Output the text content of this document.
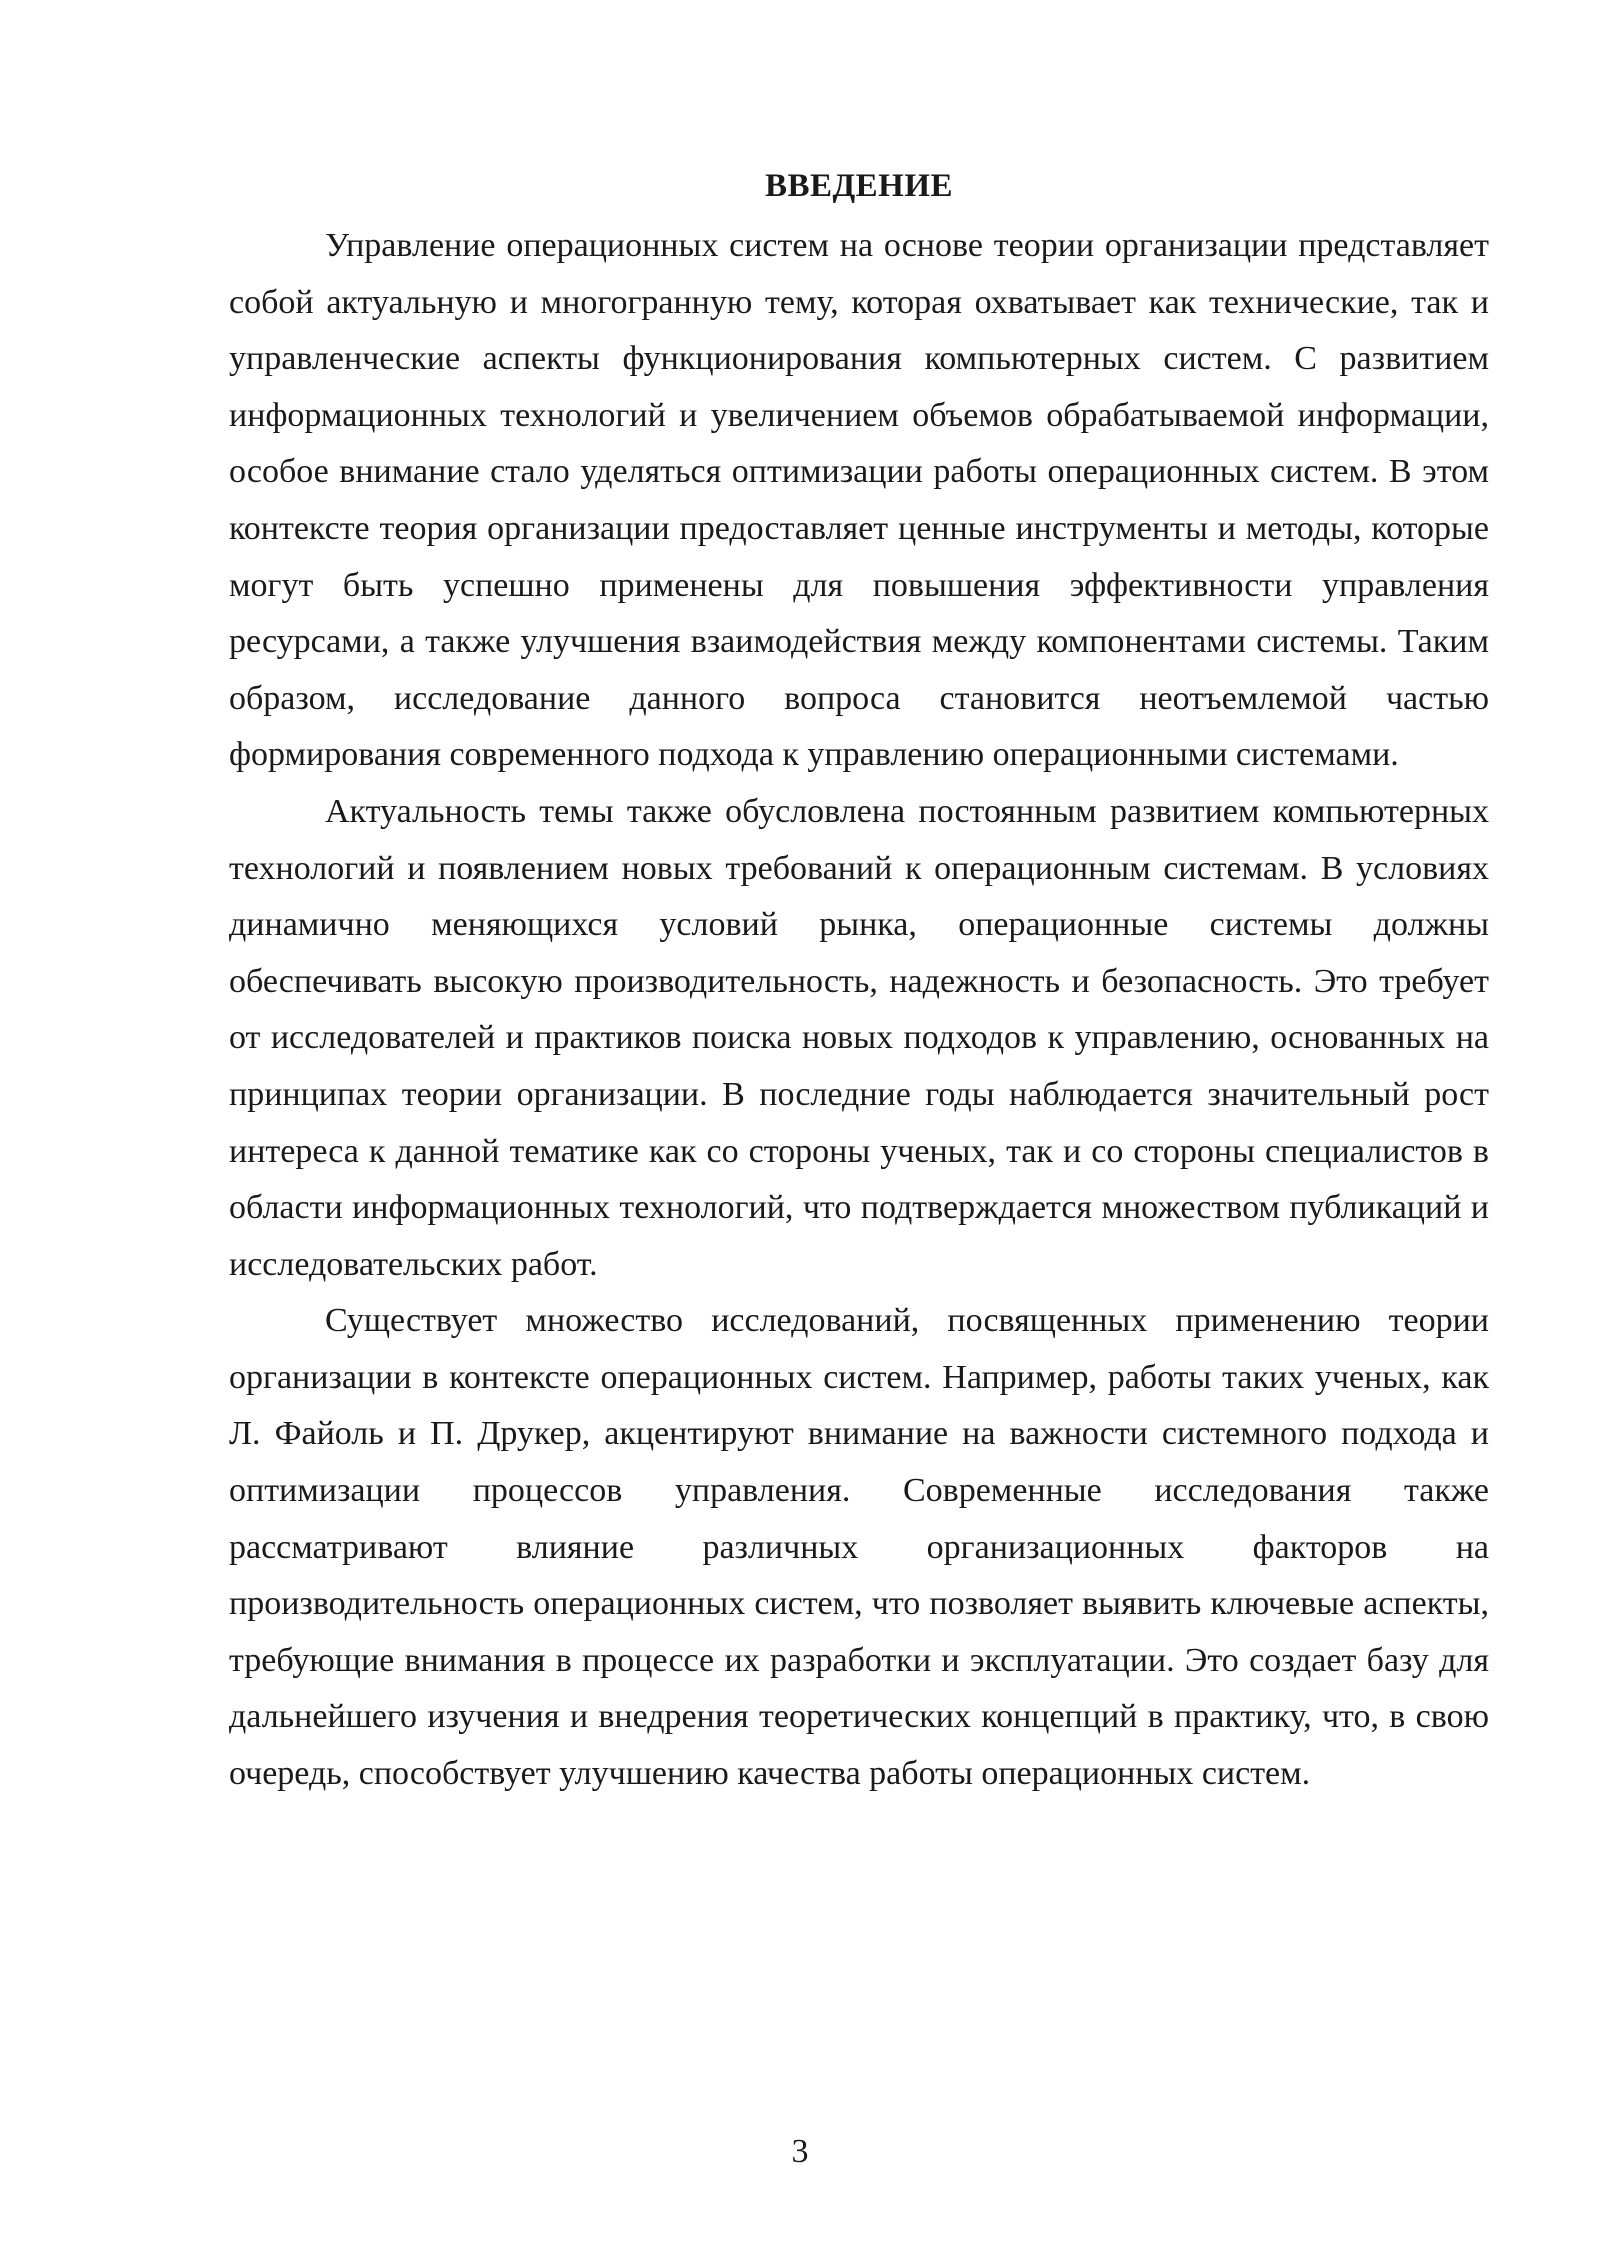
ВВЕДЕНИЕ

Управление операционных систем на основе теории организации представляет собой актуальную и многогранную тему, которая охватывает как технические, так и управленческие аспекты функционирования компьютерных систем. С развитием информационных технологий и увеличением объемов обрабатываемой информации, особое внимание стало уделяться оптимизации работы операционных систем. В этом контексте теория организации предоставляет ценные инструменты и методы, которые могут быть успешно применены для повышения эффективности управления ресурсами, а также улучшения взаимодействия между компонентами системы. Таким образом, исследование данного вопроса становится неотъемлемой частью формирования современного подхода к управлению операционными системами.

Актуальность темы также обусловлена постоянным развитием компьютерных технологий и появлением новых требований к операционным системам. В условиях динамично меняющихся условий рынка, операционные системы должны обеспечивать высокую производительность, надежность и безопасность. Это требует от исследователей и практиков поиска новых подходов к управлению, основанных на принципах теории организации. В последние годы наблюдается значительный рост интереса к данной тематике как со стороны ученых, так и со стороны специалистов в области информационных технологий, что подтверждается множеством публикаций и исследовательских работ.

Существует множество исследований, посвященных применению теории организации в контексте операционных систем. Например, работы таких ученых, как Л. Файоль и П. Друкер, акцентируют внимание на важности системного подхода и оптимизации процессов управления. Современные исследования также рассматривают влияние различных организационных факторов на производительность операционных систем, что позволяет выявить ключевые аспекты, требующие внимания в процессе их разработки и эксплуатации. Это создает базу для дальнейшего изучения и внедрения теоретических концепций в практику, что, в свою очередь, способствует улучшению качества работы операционных систем.

3
